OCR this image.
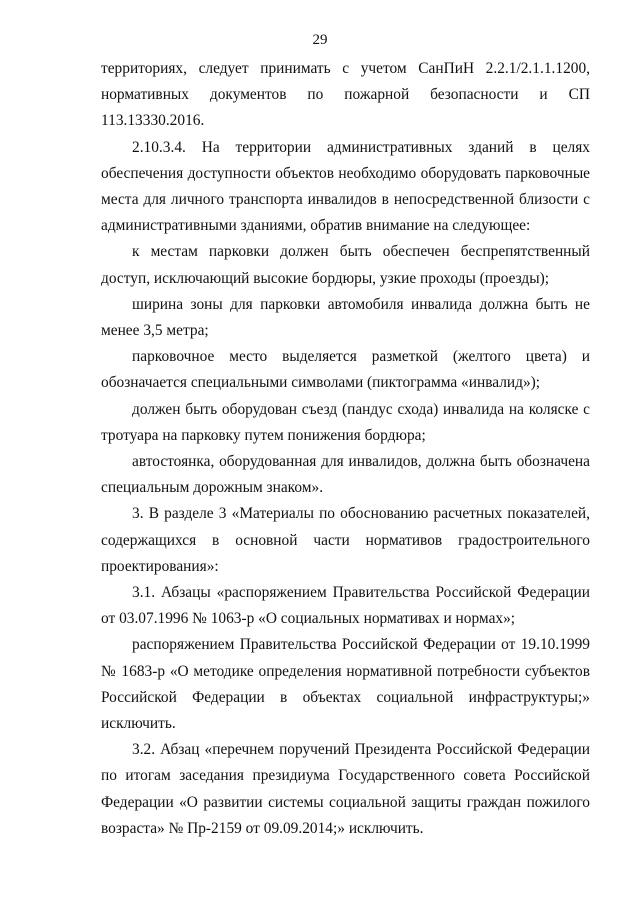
29

территориях, следует принимать с учетом СанПиН 2.2.1/2.1.1.1200, нормативных документов по пожарной безопасности и СП 113.13330.2016.

2.10.3.4. На территории административных зданий в целях обеспечения доступности объектов необходимо оборудовать парковочные места для личного транспорта инвалидов в непосредственной близости с административными зданиями, обратив внимание на следующее:

к местам парковки должен быть обеспечен беспрепятственный доступ, исключающий высокие бордюры, узкие проходы (проезды);

ширина зоны для парковки автомобиля инвалида должна быть не менее 3,5 метра;

парковочное место выделяется разметкой (желтого цвета) и обозначается специальными символами (пиктограмма «инвалид»);

должен быть оборудован съезд (пандус схода) инвалида на коляске с тротуара на парковку путем понижения бордюра;

автостоянка, оборудованная для инвалидов, должна быть обозначена специальным дорожным знаком».

3. В разделе 3 «Материалы по обоснованию расчетных показателей, содержащихся в основной части нормативов градостроительного проектирования»:

3.1. Абзацы «распоряжением Правительства Российской Федерации от 03.07.1996 № 1063-р «О социальных нормативах и нормах»;

распоряжением Правительства Российской Федерации от 19.10.1999 № 1683-р «О методике определения нормативной потребности субъектов Российской Федерации в объектах социальной инфраструктуры;» исключить.

3.2. Абзац «перечнем поручений Президента Российской Федерации по итогам заседания президиума Государственного совета Российской Федерации «О развитии системы социальной защиты граждан пожилого возраста» № Пр-2159 от 09.09.2014;» исключить.
